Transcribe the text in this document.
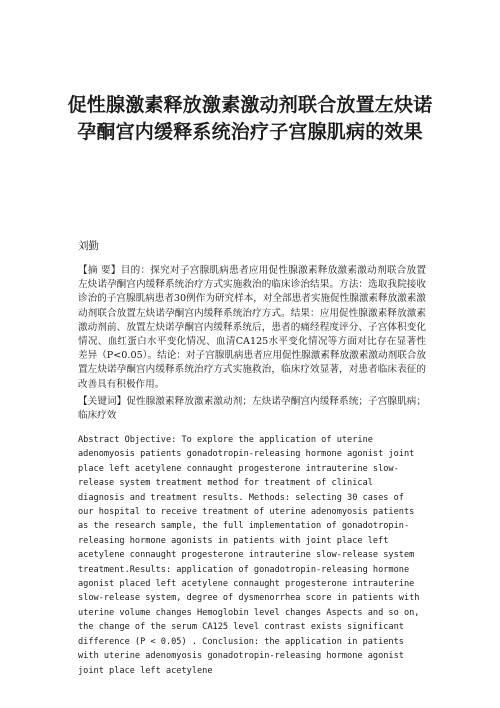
促性腺激素释放激素激动剂联合放置左炔诺孕酮宫内缓释系统治疗子宫腺肌病的效果
刘勤
【摘 要】目的：探究对子宫腺肌病患者应用促性腺激素释放激素激动剂联合放置左炔诺孕酮宫内缓释系统治疗方式实施救治的临床诊治结果。方法：选取我院接收诊治的子宫腺肌病患者30例作为研究样本，对全部患者实施促性腺激素释放激素激动剂联合放置左炔诺孕酮宫内缓释系统治疗方式。结果：应用促性腺激素释放激素激动剂前、放置左炔诺孕酮宫内缓释系统后，患者的痛经程度评分、子宫体积变化情况、血红蛋白水平变化情况、血清CA125水平变化情况等方面对比存在显著性差异（P<0.05）。结论：对子宫腺肌病患者应用促性腺激素释放激素激动剂联合放置左炔诺孕酮宫内缓释系统治疗方式实施救治，临床疗效显著，对患者临床表征的改善具有积极作用。
【关键词】促性腺激素释放激素激动剂；左炔诺孕酮宫内缓释系统；子宫腺肌病；临床疗效
Abstract Objective: To explore the application of uterine adenomyosis patients gonadotropin-releasing hormone agonist joint place left acetylene connaught progesterone intrauterine slow-release system treatment method for treatment of clinical diagnosis and treatment results. Methods: selecting 30 cases of our hospital to receive treatment of uterine adenomyosis patients as the research sample, the full implementation of gonadotropin-releasing hormone agonists in patients with joint place left acetylene connaught progesterone intrauterine slow-release system treatment.Results: application of gonadotropin-releasing hormone agonist placed left acetylene connaught progesterone intrauterine slow-release system, degree of dysmenorrhea score in patients with uterine volume changes Hemoglobin level changes Aspects and so on, the change of the serum CA125 level contrast exists significant difference (P < 0.05) . Conclusion: the application in patients with uterine adenomyosis gonadotropin-releasing hormone agonist joint place left acetylene
